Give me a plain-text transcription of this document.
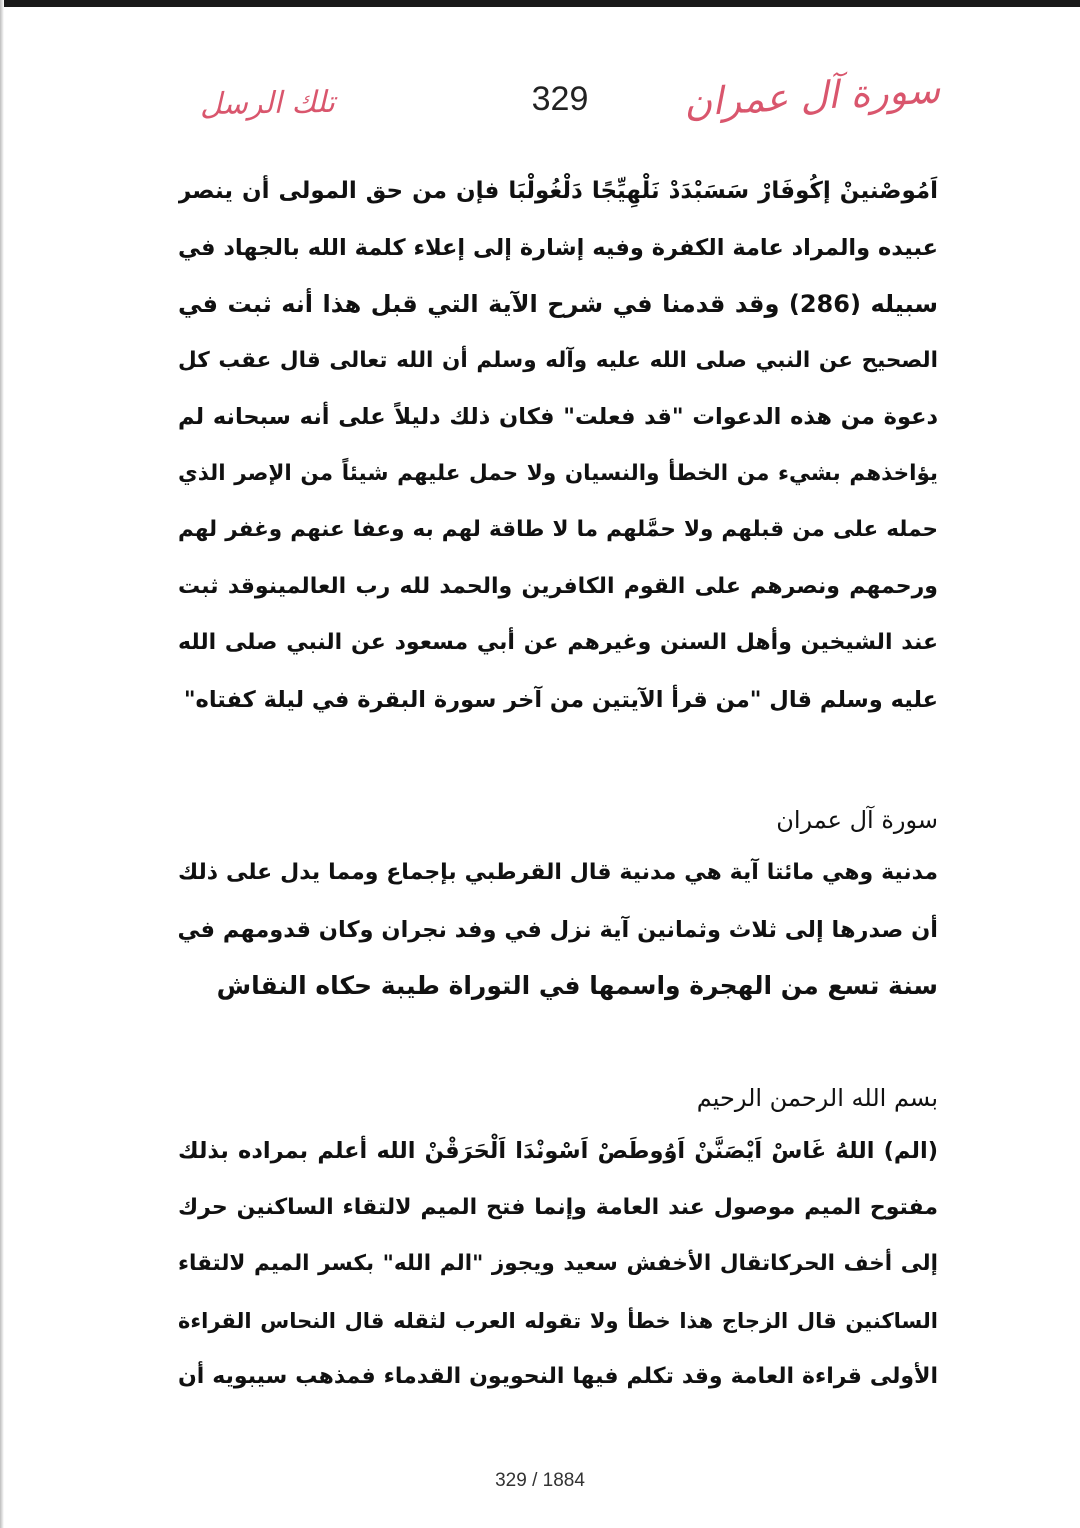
تلك الرسل	329	سورة آل عمران
اَمُوصْنينْ إكُوفَارْ سَسَبْدَدْ نَلْهِيِّجًا دَلْغُولْبَا فإن من حق المولى أن ينصر
عبيده والمراد عامة الكفرة وفيه إشارة إلى إعلاء كلمة الله بالجهاد في
سبيله (286) وقد قدمنا في شرح الآية التي قبل هذا أنه ثبت في
الصحيح عن النبي صلى الله عليه وآله وسلم أن الله تعالى قال عقب كل
دعوة من هذه الدعوات "قد فعلت" فكان ذلك دليلاً على أنه سبحانه لم
يؤاخذهم بشيء من الخطأ والنسيان ولا حمل عليهم شيئاً من الإصر الذي
حمله على من قبلهم ولا حمَّلهم ما لا طاقة لهم به وعفا عنهم وغفر لهم
ورحمهم ونصرهم على القوم الكافرين والحمد لله رب العالمينوقد ثبت
عند الشيخين وأهل السنن وغيرهم عن أبي مسعود عن النبي صلى الله
عليه وسلم قال "من قرأ الآيتين من آخر سورة البقرة في ليلة كفتاه"
سورة آل عمران
مدنية وهي مائتا آية هي مدنية قال القرطبي بإجماع ومما يدل على ذلك
أن صدرها إلى ثلاث وثمانين آية نزل في وفد نجران وكان قدومهم في
سنة تسع من الهجرة واسمها في التوراة طيبة حكاه النقاش
بسم الله الرحمن الرحيم
(الم) اللهُ غَاسْ اَيْصَنَّنْ اَوُوطَصْ اَسْونْدَا اَلْحَرَقْنْ الله أعلم بمراده بذلك
مفتوح الميم موصول عند العامة وإنما فتح الميم لالتقاء الساكنين حرك
إلى أخف الحركاتقال الأخفش سعيد ويجوز "الم الله" بكسر الميم لالتقاء
الساكنين قال الزجاج هذا خطأ ولا تقوله العرب لثقله قال النحاس القراءة
الأولى قراءة العامة وقد تكلم فيها النحويون القدماء فمذهب سيبويه أن
329 / 1884
